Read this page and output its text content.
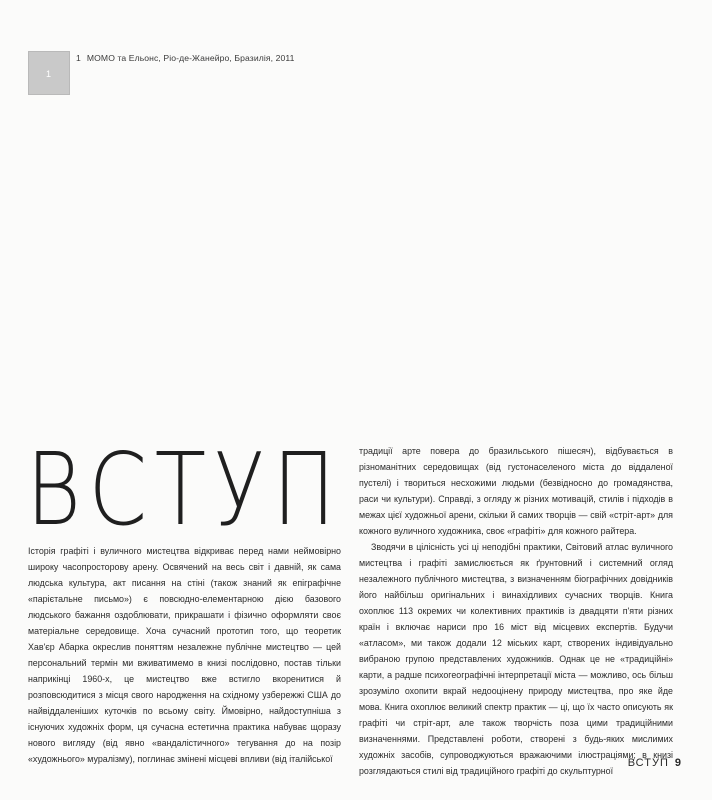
1
1 MOMO та Ельонс, Ріо-де-Жанейро, Бразилія, 2011
ВСТУП

Історія графіті і вуличного мистецтва відкриває перед нами неймовірно широку часопросторову арену. Освячений на весь світ і давній, як сама людська культура, акт писання на стіні (також знаний як епіграфічне «парієтальне письмо») є повсюдно-елементарною дією базового людського бажання оздоблювати, прикрашати і фізично оформляти своє матеріальне середовище. Хоча сучасний прототип того, що теоретик Хав'єр Абарка окреслив поняттям незалежне публічне мистецтво — цей персональний термін ми вживатимемо в книзі послідовно, постав тільки наприкінці 1960-х, це мистецтво вже встигло вкоренитися й розповсюдитися з місця свого народження на східному узбережжі США до найвіддаленіших куточків по всьому світу. Ймовірно, найдоступніша з існуючих художніх форм, ця сучасна естетична практика набуває щоразу нового вигляду (від явно «вандалістичного» тегування до на позір «художнього» муралізму), поглинає змінені місцеві впливи (від італійської

традиції арте повера до бразильського пішесяч), відбувається в різноманітних середовищах (від густонаселеного міста до віддаленої пустелі) і твориться несхожими людьми (безвідносно до громадянства, раси чи культури). Справді, з огляду ж різних мотивацій, стилів і підходів в межах цієї художньої арени, скільки й самих творців — свій «стріт-арт» для кожного вуличного художника, своє «графіті» для кожного райтера.

Зводячи в цілісність усі ці неподібні практики, Світовий атлас вуличного мистецтва і графіті замислюється як ґрунтовний і системний огляд незалежного публічного мистецтва, з визначенням біографічних довідників його найбільш оригінальних і винахідливих сучасних творців. Книга охоплює 113 окремих чи колективних практиків із двадцяти п'яти різних країн і включає нариси про 16 міст від місцевих експертів. Будучи «атласом», ми також додали 12 міських карт, створених індивідуально вибраною групою представлених художників. Однак це не «традиційні» карти, а радше психогеографічні інтерпретації міста — можливо, ось більш зрозуміло охопити вкрай недооцінену природу мистецтва, про яке йде мова. Книга охоплює великий спектр практик — ці, що їх часто описують як графіті чи стріт-арт, але також творчість поза цими традиційними визначеннями. Представлені роботи, створені з будь-яких мислимих художніх засобів, супроводжуються вражаючими ілюстраціями; в книзі розглядаються стилі від традиційного графіті до скульптурної

ВСТУП 9
